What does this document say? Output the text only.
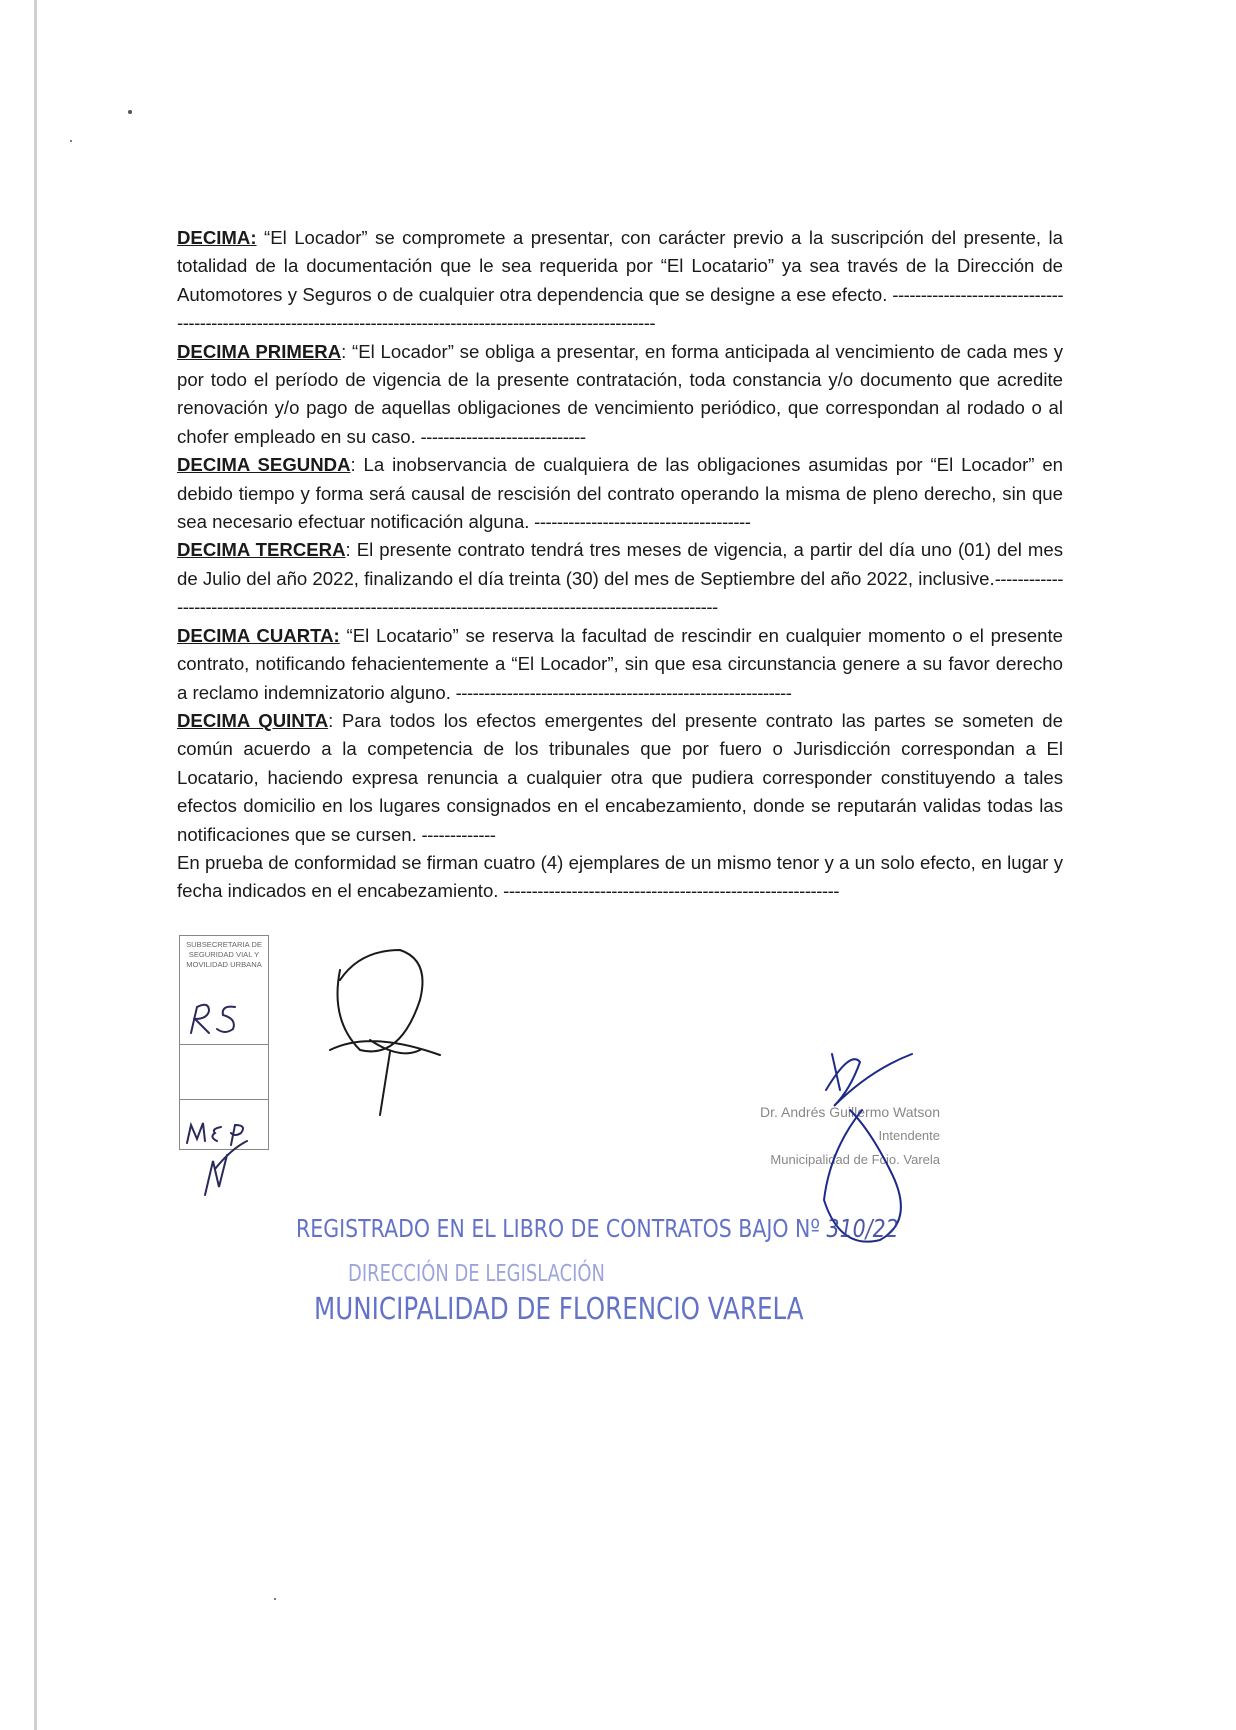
DECIMA: “El Locador” se compromete a presentar, con carácter previo a la suscripción del presente, la totalidad de la documentación que le sea requerida por “El Locatario” ya sea través de la Dirección de Automotores y Seguros o de cualquier otra dependencia que se designe a ese efecto. ------------------------------------------------------------------------------------------------------------------

DECIMA PRIMERA: “El Locador” se obliga a presentar, en forma anticipada al vencimiento de cada mes y por todo el período de vigencia de la presente contratación, toda constancia y/o documento que acredite renovación y/o pago de aquellas obligaciones de vencimiento periódico, que correspondan al rodado o al chofer empleado en su caso. -----------------------------

DECIMA SEGUNDA: La inobservancia de cualquiera de las obligaciones asumidas por “El Locador” en debido tiempo y forma será causal de rescisión del contrato operando la misma de pleno derecho, sin que sea necesario efectuar notificación alguna. --------------------------------------

DECIMA TERCERA: El presente contrato tendrá tres meses de vigencia, a partir del día uno (01) del mes de Julio del año 2022, finalizando el día treinta (30) del mes de Septiembre del año 2022, inclusive.-----------------------------------------------------------------------------------------------------------

DECIMA CUARTA: “El Locatario” se reserva la facultad de rescindir en cualquier momento o el presente contrato, notificando fehacientemente a “El Locador”, sin que esa circunstancia genere a su favor derecho a reclamo indemnizatorio alguno. -----------------------------------------------------------

DECIMA QUINTA: Para todos los efectos emergentes del presente contrato las partes se someten de común acuerdo a la competencia de los tribunales que por fuero o Jurisdicción correspondan a El Locatario, haciendo expresa renuncia a cualquier otra que pudiera corresponder constituyendo a tales efectos domicilio en los lugares consignados en el encabezamiento, donde se reputarán validas todas las notificaciones que se cursen. -------------

En prueba de conformidad se firman cuatro (4) ejemplares de un mismo tenor y a un solo efecto, en lugar y fecha indicados en el encabezamiento. -----------------------------------------------------------

SUBSECRETARIA DE
SEGURIDAD VIAL Y
MOVILIDAD URBANA
Dr. Andrés Guillermo Watson
Intendente
Municipalidad de Fcio. Varela
REGISTRADO EN EL LIBRO DE CONTRATOS BAJO Nº 310/22
DIRECCIÓN DE LEGISLACIÓN
MUNICIPALIDAD DE FLORENCIO VARELA
